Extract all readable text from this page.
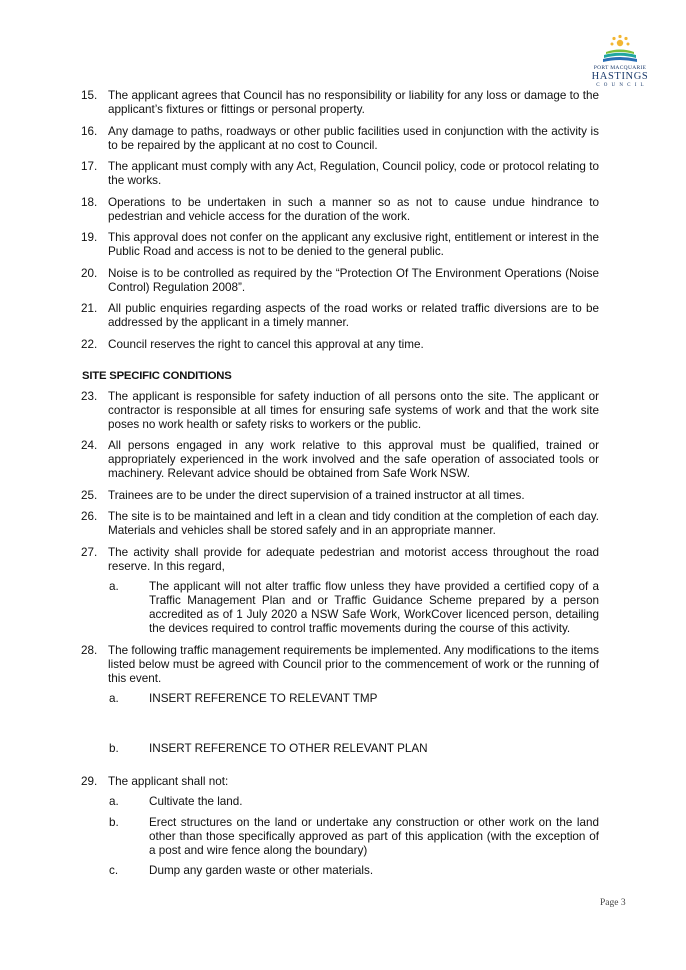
PORT MACQUARIE
HASTINGS
COUNCIL
15. The applicant agrees that Council has no responsibility or liability for any loss or damage to the applicant’s fixtures or fittings or personal property.
16. Any damage to paths, roadways or other public facilities used in conjunction with the activity is to be repaired by the applicant at no cost to Council.
17. The applicant must comply with any Act, Regulation, Council policy, code or protocol relating to the works.
18. Operations to be undertaken in such a manner so as not to cause undue hindrance to pedestrian and vehicle access for the duration of the work.
19. This approval does not confer on the applicant any exclusive right, entitlement or interest in the Public Road and access is not to be denied to the general public.
20. Noise is to be controlled as required by the “Protection Of The Environment Operations (Noise Control) Regulation 2008”.
21. All public enquiries regarding aspects of the road works or related traffic diversions are to be addressed by the applicant in a timely manner.
22. Council reserves the right to cancel this approval at any time.
SITE SPECIFIC CONDITIONS
23. The applicant is responsible for safety induction of all persons onto the site. The applicant or contractor is responsible at all times for ensuring safe systems of work and that the work site poses no work health or safety risks to workers or the public.
24. All persons engaged in any work relative to this approval must be qualified, trained or appropriately experienced in the work involved and the safe operation of associated tools or machinery. Relevant advice should be obtained from Safe Work NSW.
25. Trainees are to be under the direct supervision of a trained instructor at all times.
26. The site is to be maintained and left in a clean and tidy condition at the completion of each day. Materials and vehicles shall be stored safely and in an appropriate manner.
27. The activity shall provide for adequate pedestrian and motorist access throughout the road reserve. In this regard,
a.	The applicant will not alter traffic flow unless they have provided a certified copy of a Traffic Management Plan and or Traffic Guidance Scheme prepared by a person accredited as of 1 July 2020 a NSW Safe Work, WorkCover licenced person, detailing the devices required to control traffic movements during the course of this activity.
28. The following traffic management requirements be implemented. Any modifications to the items listed below must be agreed with Council prior to the commencement of work or the running of this event.
a.	INSERT REFERENCE TO RELEVANT TMP
b.	INSERT REFERENCE TO OTHER RELEVANT PLAN
29. The applicant shall not:
a.	Cultivate the land.
b.	Erect structures on the land or undertake any construction or other work on the land other than those specifically approved as part of this application (with the exception of a post and wire fence along the boundary)
c.	Dump any garden waste or other materials.
Page 3
